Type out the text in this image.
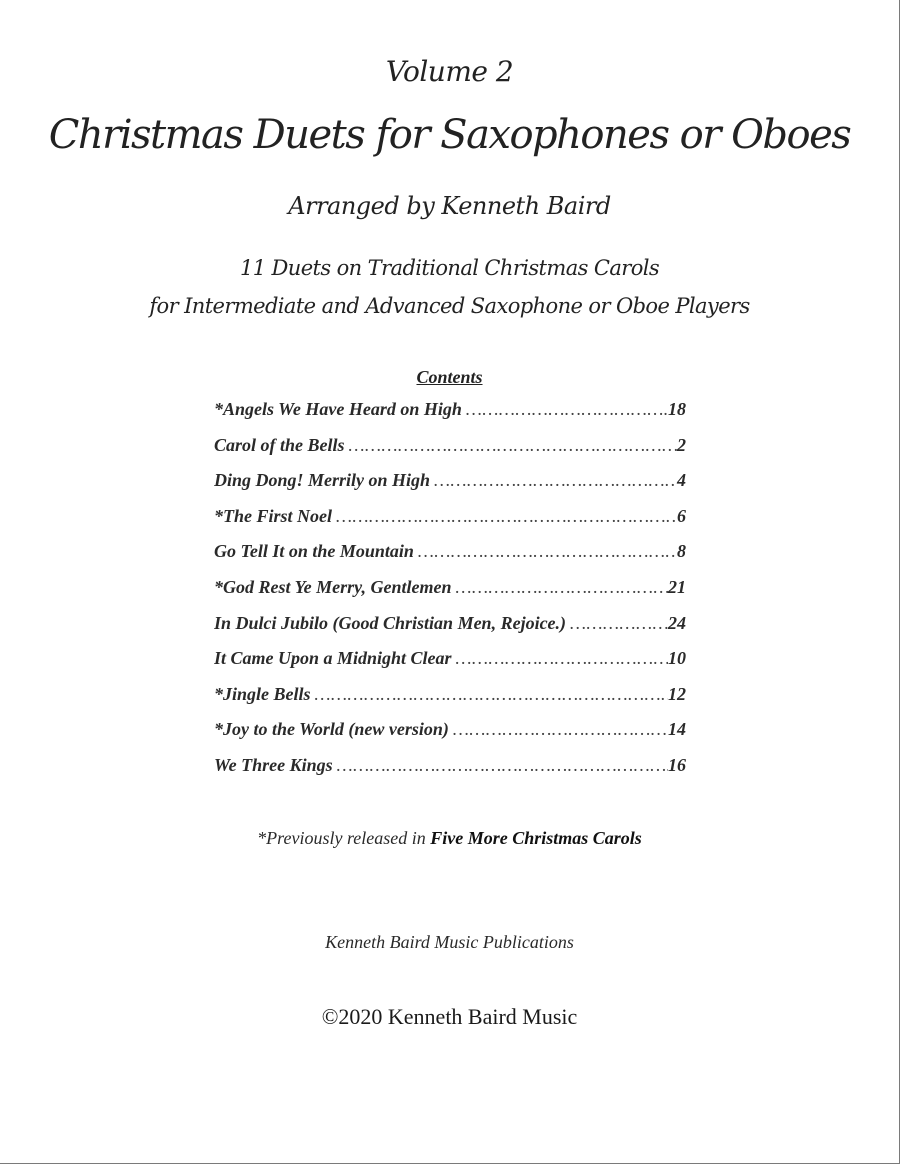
Volume 2
Christmas Duets for Saxophones or Oboes
Arranged by Kenneth Baird
11 Duets on Traditional Christmas Carols
for Intermediate and Advanced Saxophone or Oboe Players
Contents
*Angels We Have Heard on High ……………………………………………………………………………………………………………	18
Carol of the Bells ……………………………………………………………………………………………………………	2
Ding Dong! Merrily on High ……………………………………………………………………………………………………………	4
*The First Noel ……………………………………………………………………………………………………………	6
Go Tell It on the Mountain ……………………………………………………………………………………………………………	8
*God Rest Ye Merry, Gentlemen ……………………………………………………………………………………………………………	21
In Dulci Jubilo (Good Christian Men, Rejoice.) ……………………………………………………………………………………………………………	24
It Came Upon a Midnight Clear ……………………………………………………………………………………………………………	10
*Jingle Bells ……………………………………………………………………………………………………………	12
*Joy to the World (new version) ……………………………………………………………………………………………………………	14
We Three Kings ……………………………………………………………………………………………………………	16
*Previously released in Five More Christmas Carols
Kenneth Baird Music Publications
©2020 Kenneth Baird Music
